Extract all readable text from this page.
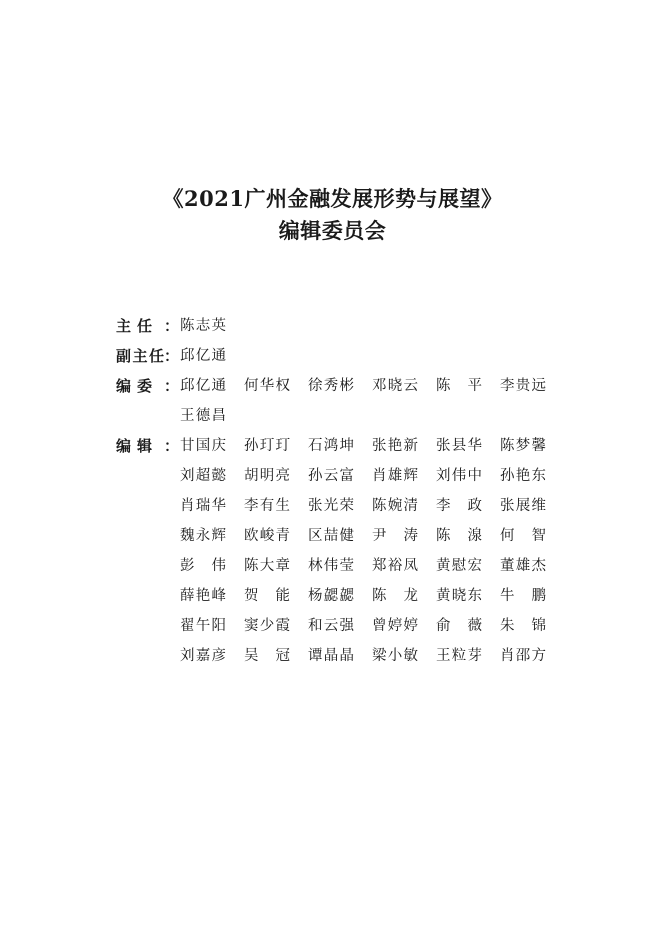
《2021广州金融发展形势与展望》
编辑委员会
主任 ： 陈志英
副主任 ： 邱亿通
编委 ： 邱亿通 何华权 徐秀彬 邓晓云 陈平 李贵远
王德昌
编辑 ： 甘国庆 孙玎玎 石鸿坤 张艳新 张县华 陈梦馨
刘超懿 胡明亮 孙云富 肖雄辉 刘伟中 孙艳东
肖瑞华 李有生 张光荣 陈婉清 李政 张展维
魏永辉 欧峻青 区喆健 尹涛 陈湶 何智
彭伟 陈大章 林伟莹 郑裕凤 黄慰宏 董雄杰
薛艳峰 贺能 杨勰勰 陈龙 黄晓东 牛鹏
翟午阳 窦少霞 和云强 曾婷婷 俞薇 朱锦
刘嘉彦 吴冠 谭晶晶 梁小敏 王粒芽 肖邵方
